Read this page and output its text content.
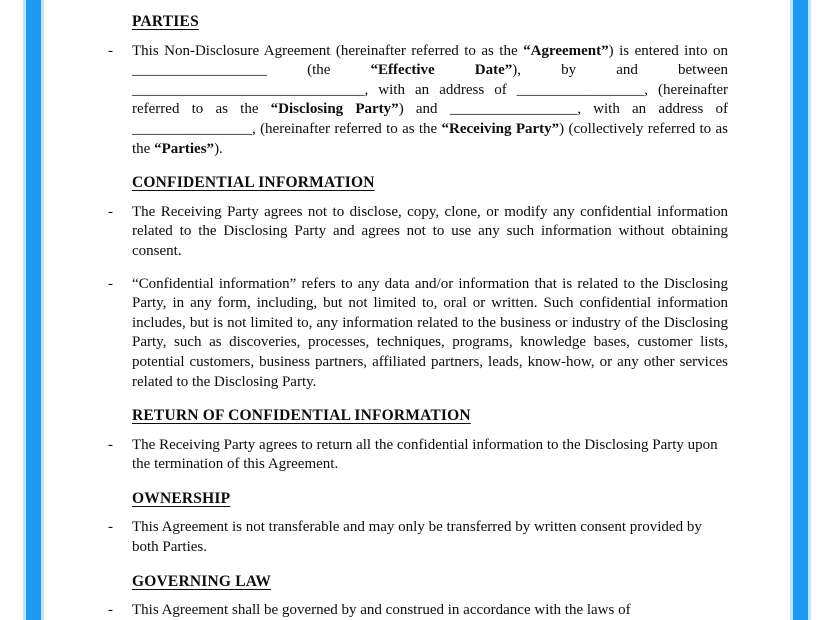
PARTIES
-	This Non-Disclosure Agreement (hereinafter referred to as the “Agreement”) is entered into on __________________ (the “Effective Date”), by and between _______________________________, with an address of _________________, (hereinafter referred to as the “Disclosing Party”) and _________________, with an address of ________________, (hereinafter referred to as the “Receiving Party”) (collectively referred to as the “Parties”).
CONFIDENTIAL INFORMATION
-	The Receiving Party agrees not to disclose, copy, clone, or modify any confidential information related to the Disclosing Party and agrees not to use any such information without obtaining consent.
-	“Confidential information” refers to any data and/or information that is related to the Disclosing Party, in any form, including, but not limited to, oral or written. Such confidential information includes, but is not limited to, any information related to the business or industry of the Disclosing Party, such as discoveries, processes, techniques, programs, knowledge bases, customer lists, potential customers, business partners, affiliated partners, leads, know-how, or any other services related to the Disclosing Party.
RETURN OF CONFIDENTIAL INFORMATION
-	The Receiving Party agrees to return all the confidential information to the Disclosing Party upon the termination of this Agreement.
OWNERSHIP
-	This Agreement is not transferable and may only be transferred by written consent provided by both Parties.
GOVERNING LAW
-	This Agreement shall be governed by and construed in accordance with the laws of
